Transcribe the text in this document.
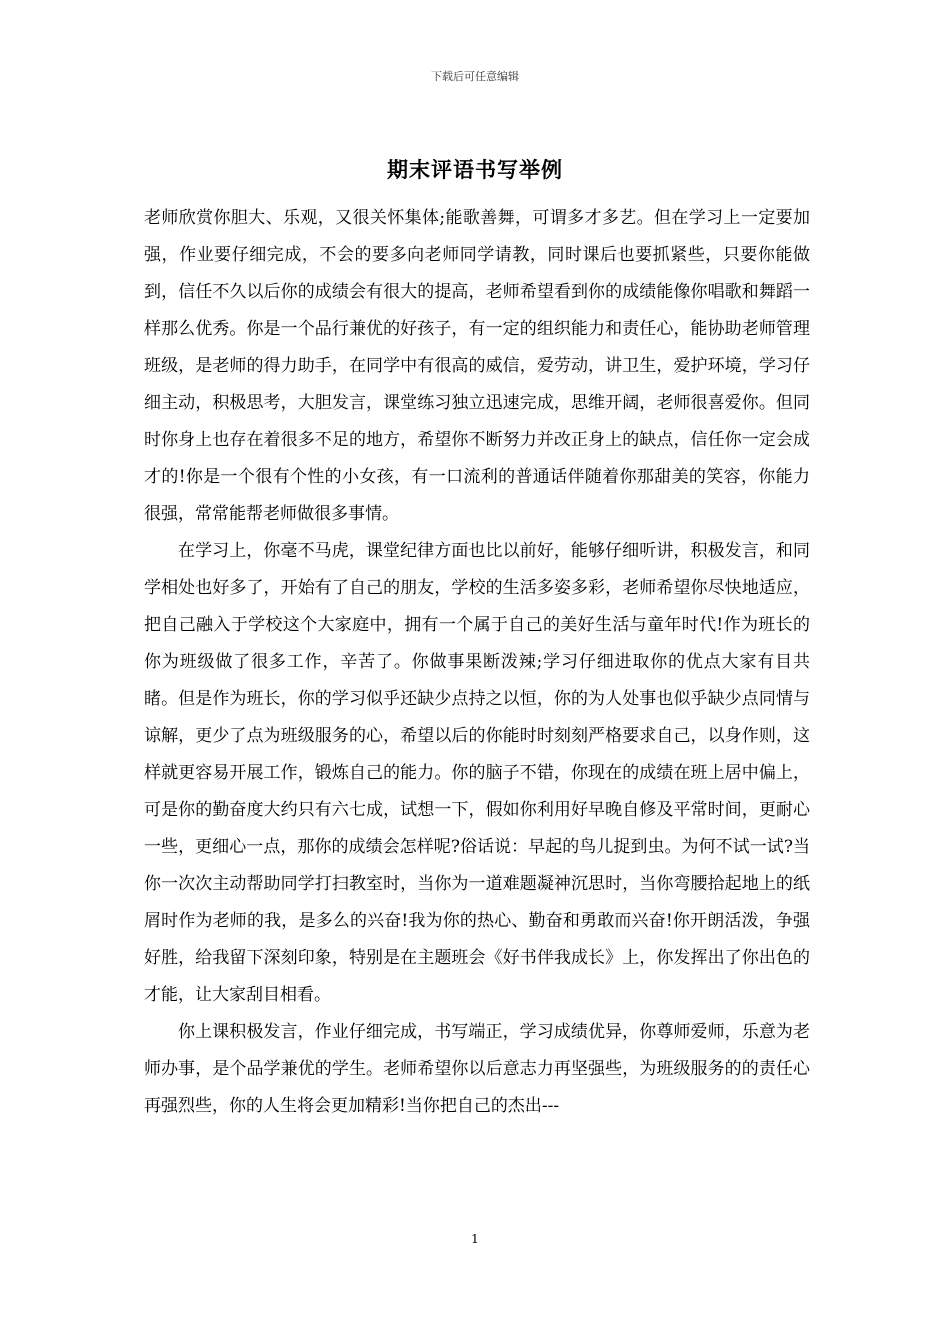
下载后可任意编辑
期末评语书写举例

老师欣赏你胆大、乐观，又很关怀集体;能歌善舞，可谓多才多艺。但在学习上一定要加强，作业要仔细完成，不会的要多向老师同学请教，同时课后也要抓紧些，只要你能做到，信任不久以后你的成绩会有很大的提高，老师希望看到你的成绩能像你唱歌和舞蹈一样那么优秀。你是一个品行兼优的好孩子，有一定的组织能力和责任心，能协助老师管理班级，是老师的得力助手，在同学中有很高的威信，爱劳动，讲卫生，爱护环境，学习仔细主动，积极思考，大胆发言，课堂练习独立迅速完成，思维开阔，老师很喜爱你。但同时你身上也存在着很多不足的地方，希望你不断努力并改正身上的缺点，信任你一定会成才的!你是一个很有个性的小女孩，有一口流利的普通话伴随着你那甜美的笑容，你能力很强，常常能帮老师做很多事情。

在学习上，你毫不马虎，课堂纪律方面也比以前好，能够仔细听讲，积极发言，和同学相处也好多了，开始有了自己的朋友，学校的生活多姿多彩，老师希望你尽快地适应，把自己融入于学校这个大家庭中，拥有一个属于自己的美好生活与童年时代!作为班长的你为班级做了很多工作，辛苦了。你做事果断泼辣;学习仔细进取你的优点大家有目共睹。但是作为班长，你的学习似乎还缺少点持之以恒，你的为人处事也似乎缺少点同情与谅解，更少了点为班级服务的心，希望以后的你能时时刻刻严格要求自己，以身作则，这样就更容易开展工作，锻炼自己的能力。你的脑子不错，你现在的成绩在班上居中偏上，可是你的勤奋度大约只有六七成，试想一下，假如你利用好早晚自修及平常时间，更耐心一些，更细心一点，那你的成绩会怎样呢?俗话说：早起的鸟儿捉到虫。为何不试一试?当你一次次主动帮助同学打扫教室时，当你为一道难题凝神沉思时，当你弯腰拾起地上的纸屑时作为老师的我，是多么的兴奋!我为你的热心、勤奋和勇敢而兴奋!你开朗活泼，争强好胜，给我留下深刻印象，特别是在主题班会《好书伴我成长》上，你发挥出了你出色的才能，让大家刮目相看。

你上课积极发言，作业仔细完成，书写端正，学习成绩优异，你尊师爱师，乐意为老师办事，是个品学兼优的学生。老师希望你以后意志力再坚强些，为班级服务的的责任心再强烈些，你的人生将会更加精彩!当你把自己的杰出---

1
